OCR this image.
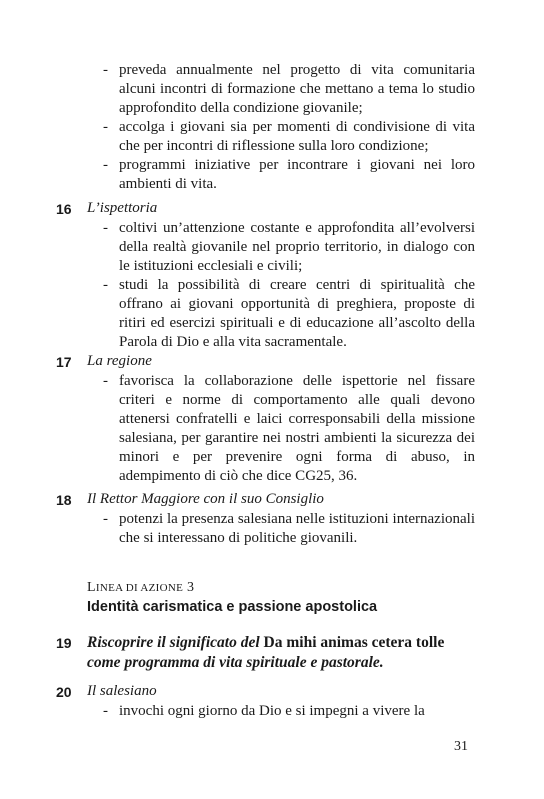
- preveda annualmente nel progetto di vita comunitaria alcuni incontri di formazione che mettano a tema lo studio approfondito della condizione giovanile;
- accolga i giovani sia per momenti di condivisione di vita che per incontri di riflessione sulla loro condizione;
- programmi iniziative per incontrare i giovani nei loro ambienti di vita.
16 L’ispettoria
- coltivi un’attenzione costante e approfondita all’evolversi della realtà giovanile nel proprio territorio, in dialogo con le istituzioni ecclesiali e civili;
- studi la possibilità di creare centri di spiritualità che offrano ai giovani opportunità di preghiera, proposte di ritiri ed esercizi spirituali e di educazione all’ascolto della Parola di Dio e alla vita sacramentale.
17 La regione
- favorisca la collaborazione delle ispettorie nel fissare criteri e norme di comportamento alle quali devono attenersi confratelli e laici corresponsabili della missione salesiana, per garantire nei nostri ambienti la sicurezza dei minori e per prevenire ogni forma di abuso, in adempimento di ciò che dice CG25, 36.
18 Il Rettor Maggiore con il suo Consiglio
- potenzi la presenza salesiana nelle istituzioni internazionali che si interessano di politiche giovanili.
LINEA DI AZIONE 3
Identità carismatica e passione apostolica
19 Riscoprire il significato del Da mihi animas cetera tolle come programma di vita spirituale e pastorale.
20 Il salesiano
- invochi ogni giorno da Dio e si impegni a vivere la
31
